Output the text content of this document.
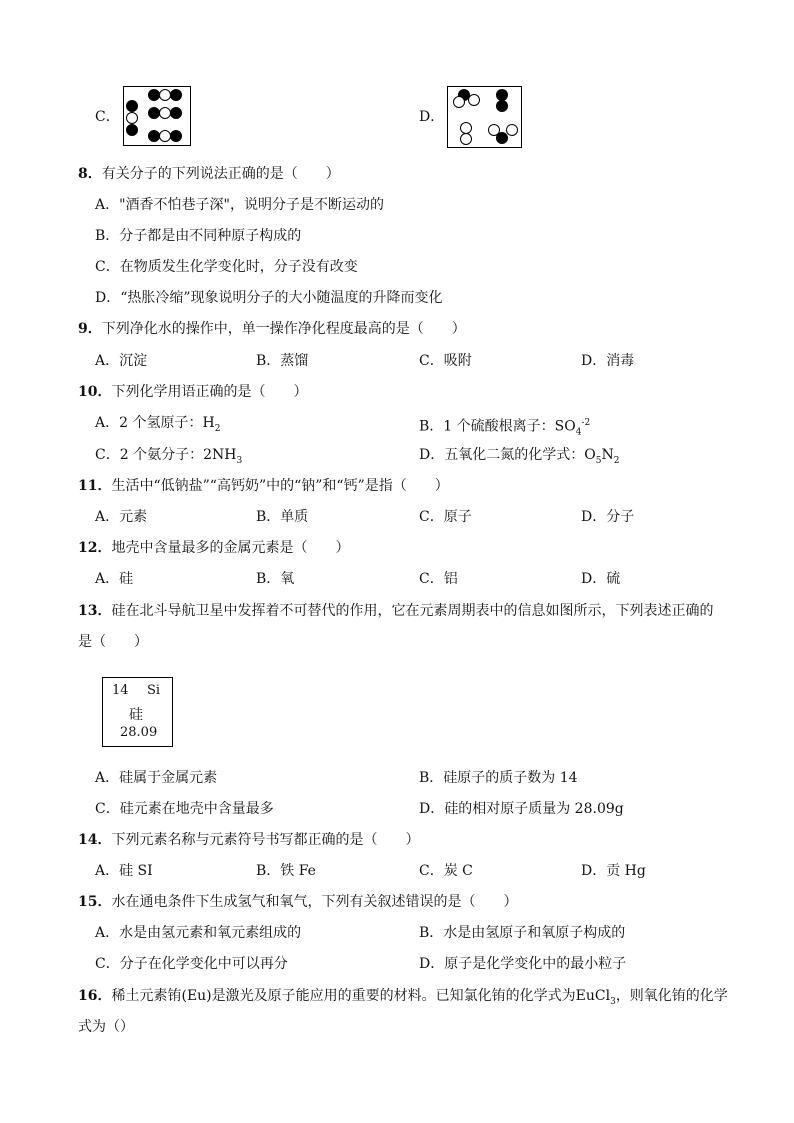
C．	D．
8．有关分子的下列说法正确的是（　　）
A．"酒香不怕巷子深"，说明分子是不断运动的
B．分子都是由不同种原子构成的
C．在物质发生化学变化时，分子没有改变
D．“热胀冷缩”现象说明分子的大小随温度的升降而变化
9．下列净化水的操作中，单一操作净化程度最高的是（　　）
A．沉淀	B．蒸馏	C．吸附	D．消毒
10．下列化学用语正确的是（　　）
A．2 个氢原子：$H_2$	B．1 个硫酸根离子：$SO_4^{-2}$
C．2 个氨分子：$2NH_3$	D．五氧化二氮的化学式：$O_5N_2$
11．生活中“低钠盐”“高钙奶”中的“钠”和“钙”是指（　　）
A．元素	B．单质	C．原子	D．分子
12．地壳中含量最多的金属元素是（　　）
A．硅	B．氧	C．铝	D．硫
13．硅在北斗导航卫星中发挥着不可替代的作用，它在元素周期表中的信息如图所示，下列表述正确的
是（　　）
14 Si
硅
28.09
A．硅属于金属元素	B．硅原子的质子数为 14
C．硅元素在地壳中含量最多	D．硅的相对原子质量为 28.09g
14．下列元素名称与元素符号书写都正确的是（　　）
A．硅 SI	B．铁 Fe	C．炭 C	D．贡 Hg
15．水在通电条件下生成氢气和氧气，下列有关叙述错误的是（　　）
A．水是由氢元素和氧元素组成的	B．水是由氢原子和氧原子构成的
C．分子在化学变化中可以再分	D．原子是化学变化中的最小粒子
16．稀土元素铕(Eu)是激光及原子能应用的重要的材料。已知氯化铕的化学式为EuCl$_3$，则氧化铕的化学
式为（）
